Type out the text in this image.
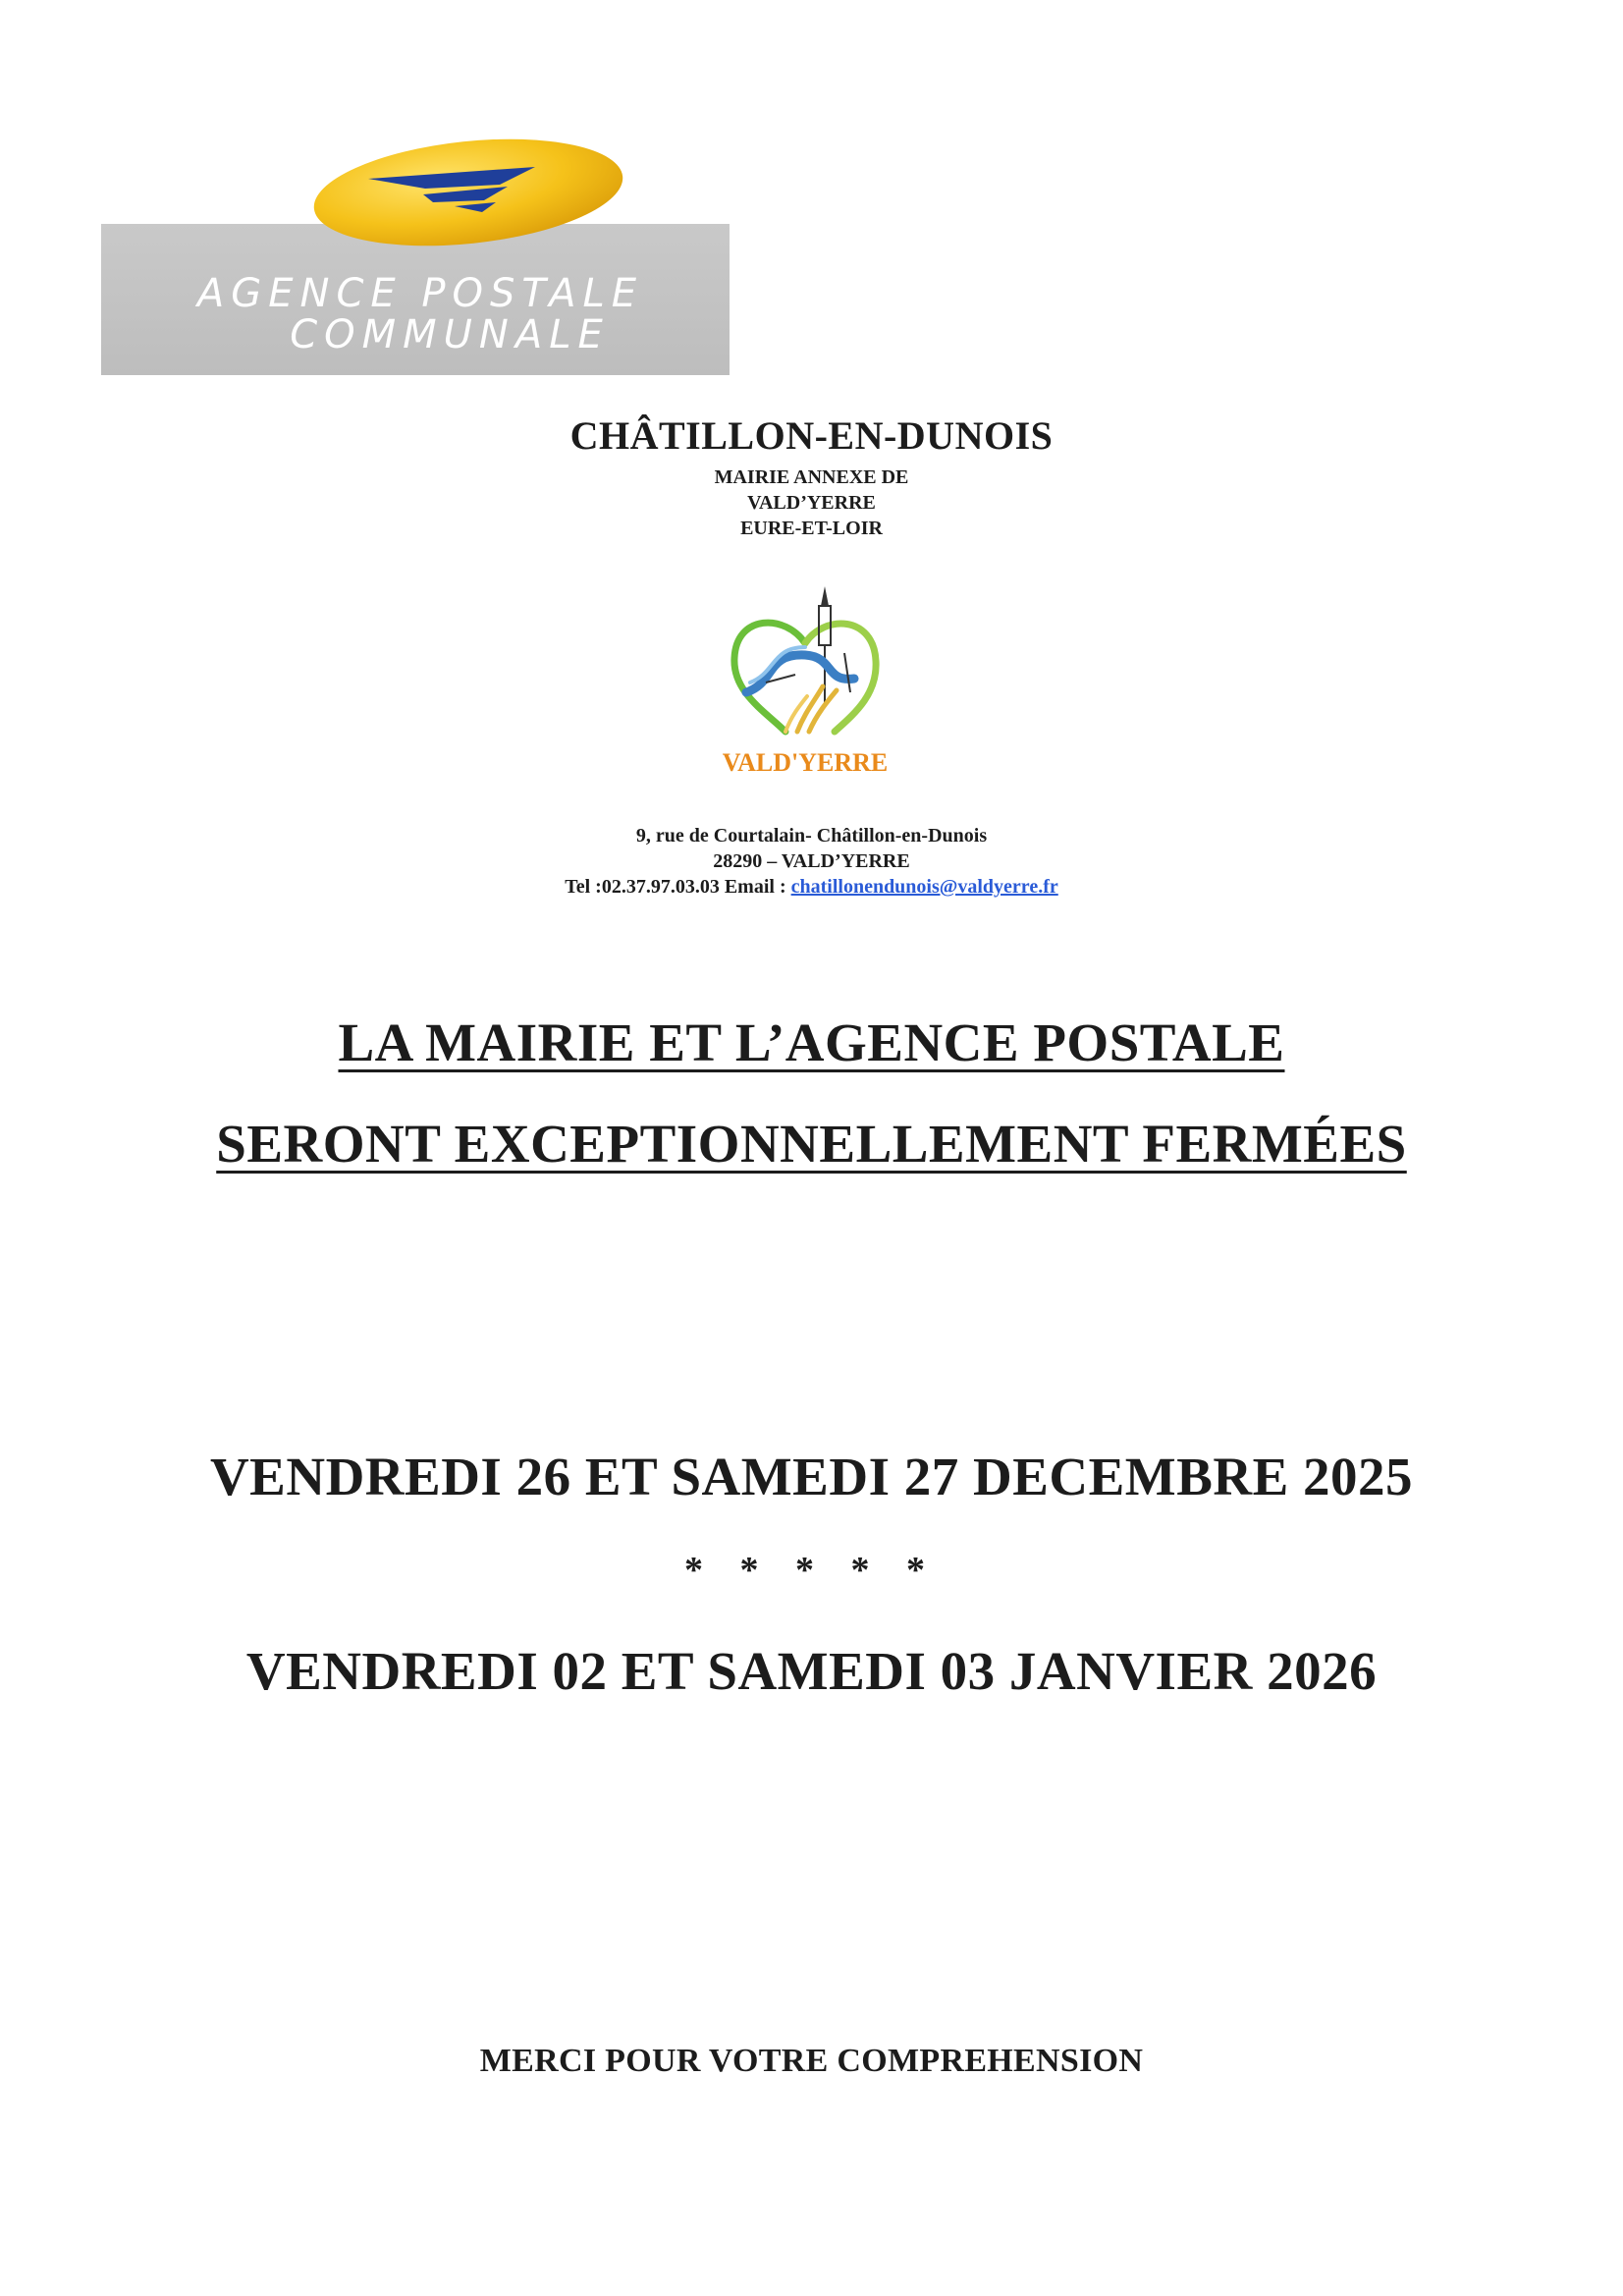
AGENCE POSTALE
COMMUNALE
CHÂTILLON-EN-DUNOIS
MAIRIE ANNEXE DE
VALD’YERRE
EURE-ET-LOIR
VALD'YERRE
9, rue de Courtalain- Châtillon-en-Dunois
28290 – VALD’YERRE
Tel :02.37.97.03.03 Email : chatillonendunois@valdyerre.fr
LA MAIRIE ET L’AGENCE POSTALE
SERONT EXCEPTIONNELLEMENT FERMÉES
VENDREDI 26 ET SAMEDI 27 DECEMBRE 2025
* * * * *
VENDREDI 02 ET SAMEDI 03 JANVIER 2026
MERCI POUR VOTRE COMPREHENSION
